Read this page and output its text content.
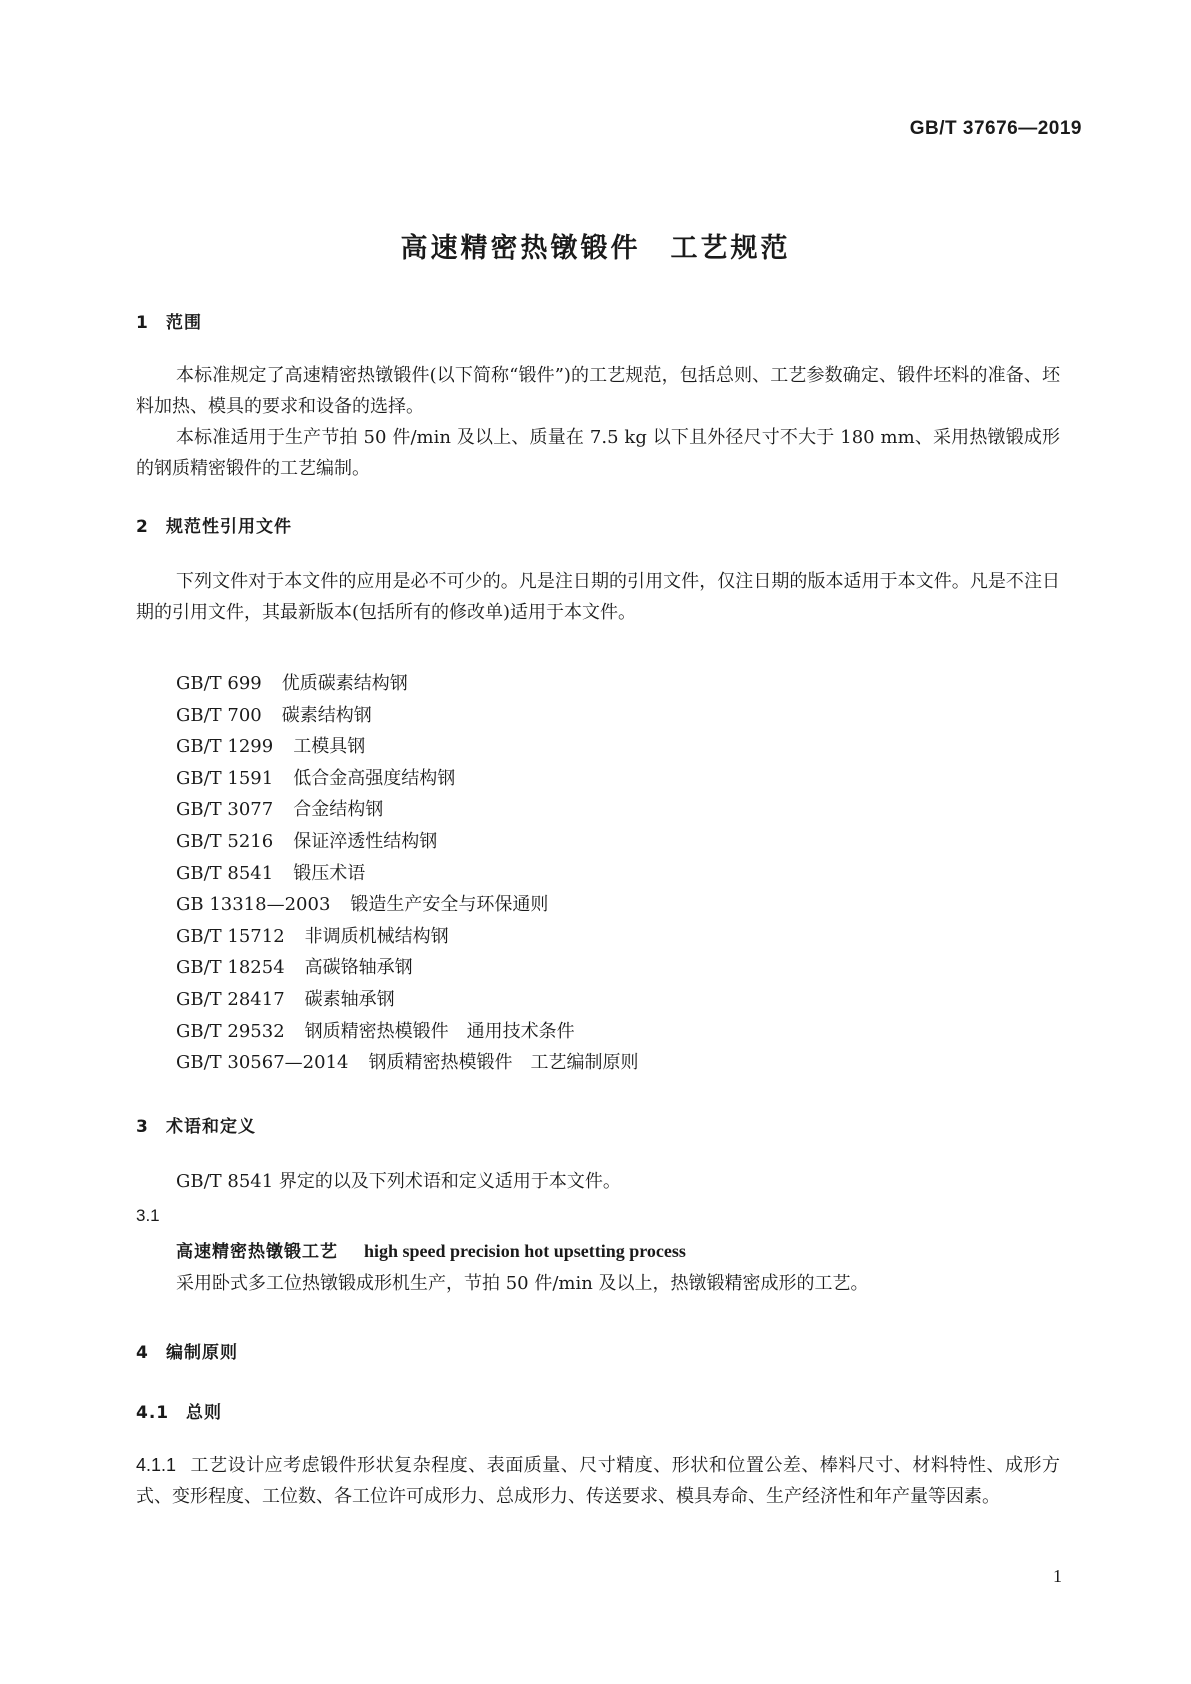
GB/T 37676—2019
高速精密热镦锻件 工艺规范
1 范围

本标准规定了高速精密热镦锻件(以下简称“锻件”)的工艺规范，包括总则、工艺参数确定、锻件坯料的准备、坯料加热、模具的要求和设备的选择。

本标准适用于生产节拍 50 件/min 及以上、质量在 7.5 kg 以下且外径尺寸不大于 180 mm、采用热镦锻成形的钢质精密锻件的工艺编制。

2 规范性引用文件

下列文件对于本文件的应用是必不可少的。凡是注日期的引用文件，仅注日期的版本适用于本文件。凡是不注日期的引用文件，其最新版本(包括所有的修改单)适用于本文件。

GB/T 699 优质碳素结构钢
GB/T 700 碳素结构钢
GB/T 1299 工模具钢
GB/T 1591 低合金高强度结构钢
GB/T 3077 合金结构钢
GB/T 5216 保证淬透性结构钢
GB/T 8541 锻压术语
GB 13318—2003 锻造生产安全与环保通则
GB/T 15712 非调质机械结构钢
GB/T 18254 高碳铬轴承钢
GB/T 28417 碳素轴承钢
GB/T 29532 钢质精密热模锻件　通用技术条件
GB/T 30567—2014 钢质精密热模锻件　工艺编制原则
3 术语和定义

GB/T 8541 界定的以及下列术语和定义适用于本文件。

3.1
高速精密热镦锻工艺 high speed precision hot upsetting process
采用卧式多工位热镦锻成形机生产，节拍 50 件/min 及以上，热镦锻精密成形的工艺。
4 编制原则
4.1 总则

4.1.1 工艺设计应考虑锻件形状复杂程度、表面质量、尺寸精度、形状和位置公差、棒料尺寸、材料特性、成形方式、变形程度、工位数、各工位许可成形力、总成形力、传送要求、模具寿命、生产经济性和年产量等因素。

1
